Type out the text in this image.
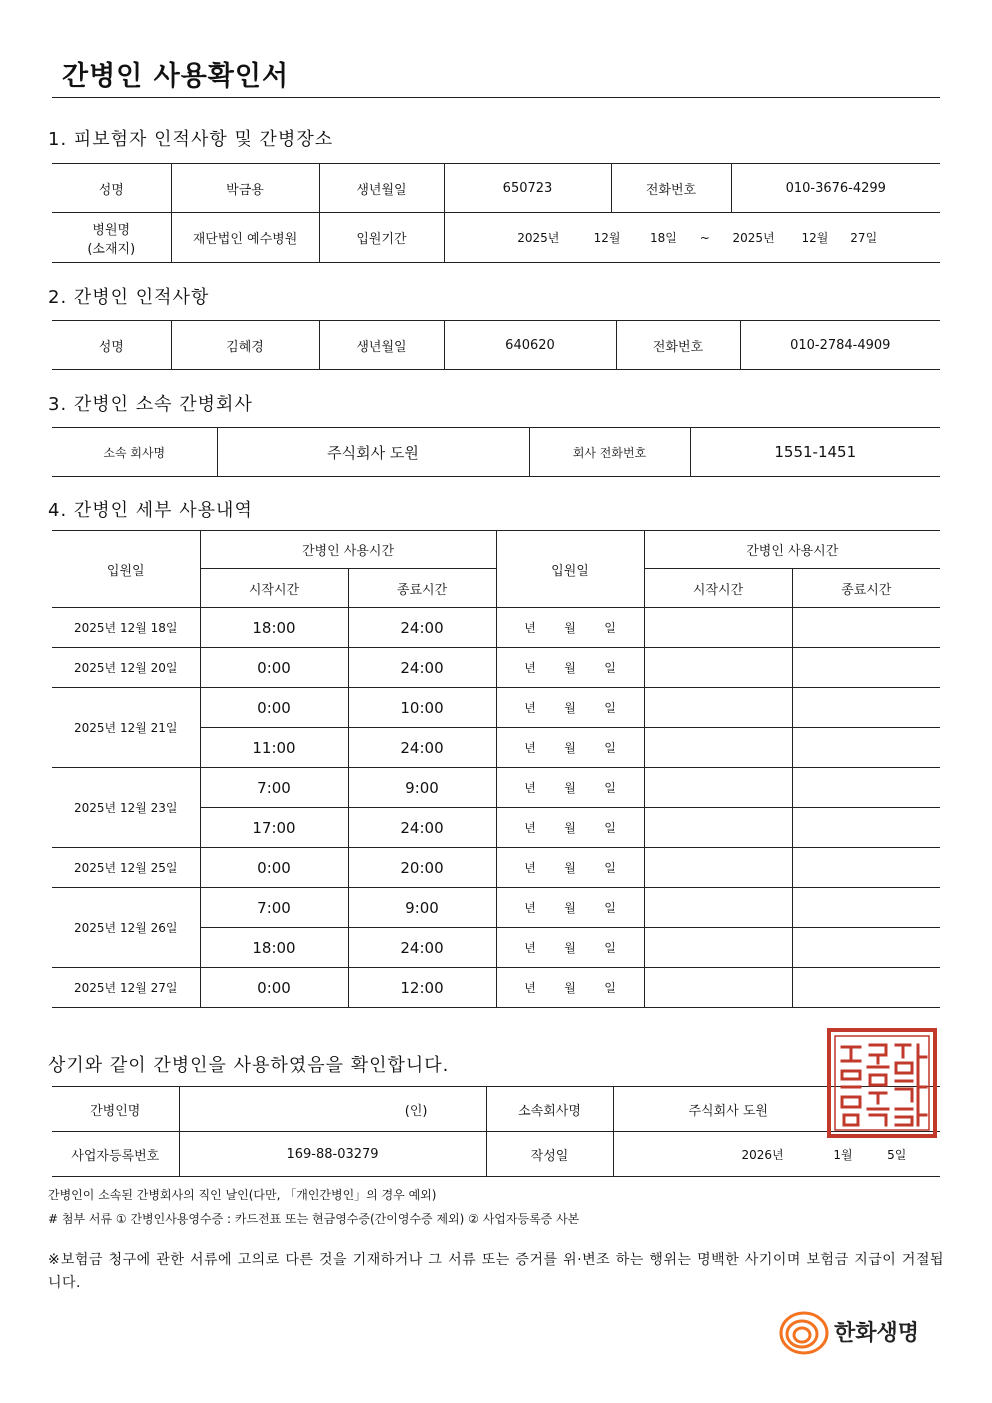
간병인 사용확인서
1. 피보험자 인적사항 및 간병장소
성명	박금용	생년월일	650723	전화번호	010-3676-4299

병원명
(소재지)	재단법인 예수병원	입원기간	2025년 12월 18일 ~ 2025년 12월 27일		
2. 간병인 인적사항
성명	김혜경	생년월일	640620	전화번호	010-2784-4909
3. 간병인 소속 간병회사
소속 회사명	주식회사 도원	회사 전화번호	1551-1451
4. 간병인 세부 사용내역
입원일	간병인 사용시간		입원일	간병인 사용시간	
	시작시간	종료시간		시작시간	종료시간
2025년 12월 18일	18:00	24:00	년 월 일		
2025년 12월 20일	0:00	24:00	년 월 일		
2025년 12월 21일	0:00	10:00	년 월 일		
	11:00	24:00	년 월 일		
2025년 12월 23일	7:00	9:00	년 월 일		
	17:00	24:00	년 월 일		
2025년 12월 25일	0:00	20:00	년 월 일		
2025년 12월 26일	7:00	9:00	년 월 일		
	18:00	24:00	년 월 일		
2025년 12월 27일	0:00	12:00	년 월 일		
상기와 같이 간병인을 사용하였음을 확인합니다.
간병인명	(인)	소속회사명	주식회사 도원
사업자등록번호	169-88-03279	작성일	2026년 1월 5일
간병인이 소속된 간병회사의 직인 날인(다만, 「개인간병인」의 경우 예외)
# 첨부 서류 ① 간병인사용영수증 : 카드전표 또는 현금영수증(간이영수증 제외) ② 사업자등록증 사본
※보험금 청구에 관한 서류에 고의로 다른 것을 기재하거나 그 서류 또는 증거를 위·변조 하는 행위는 명백한 사기이며 보험금 지급이 거절됩니다.
한화생명
